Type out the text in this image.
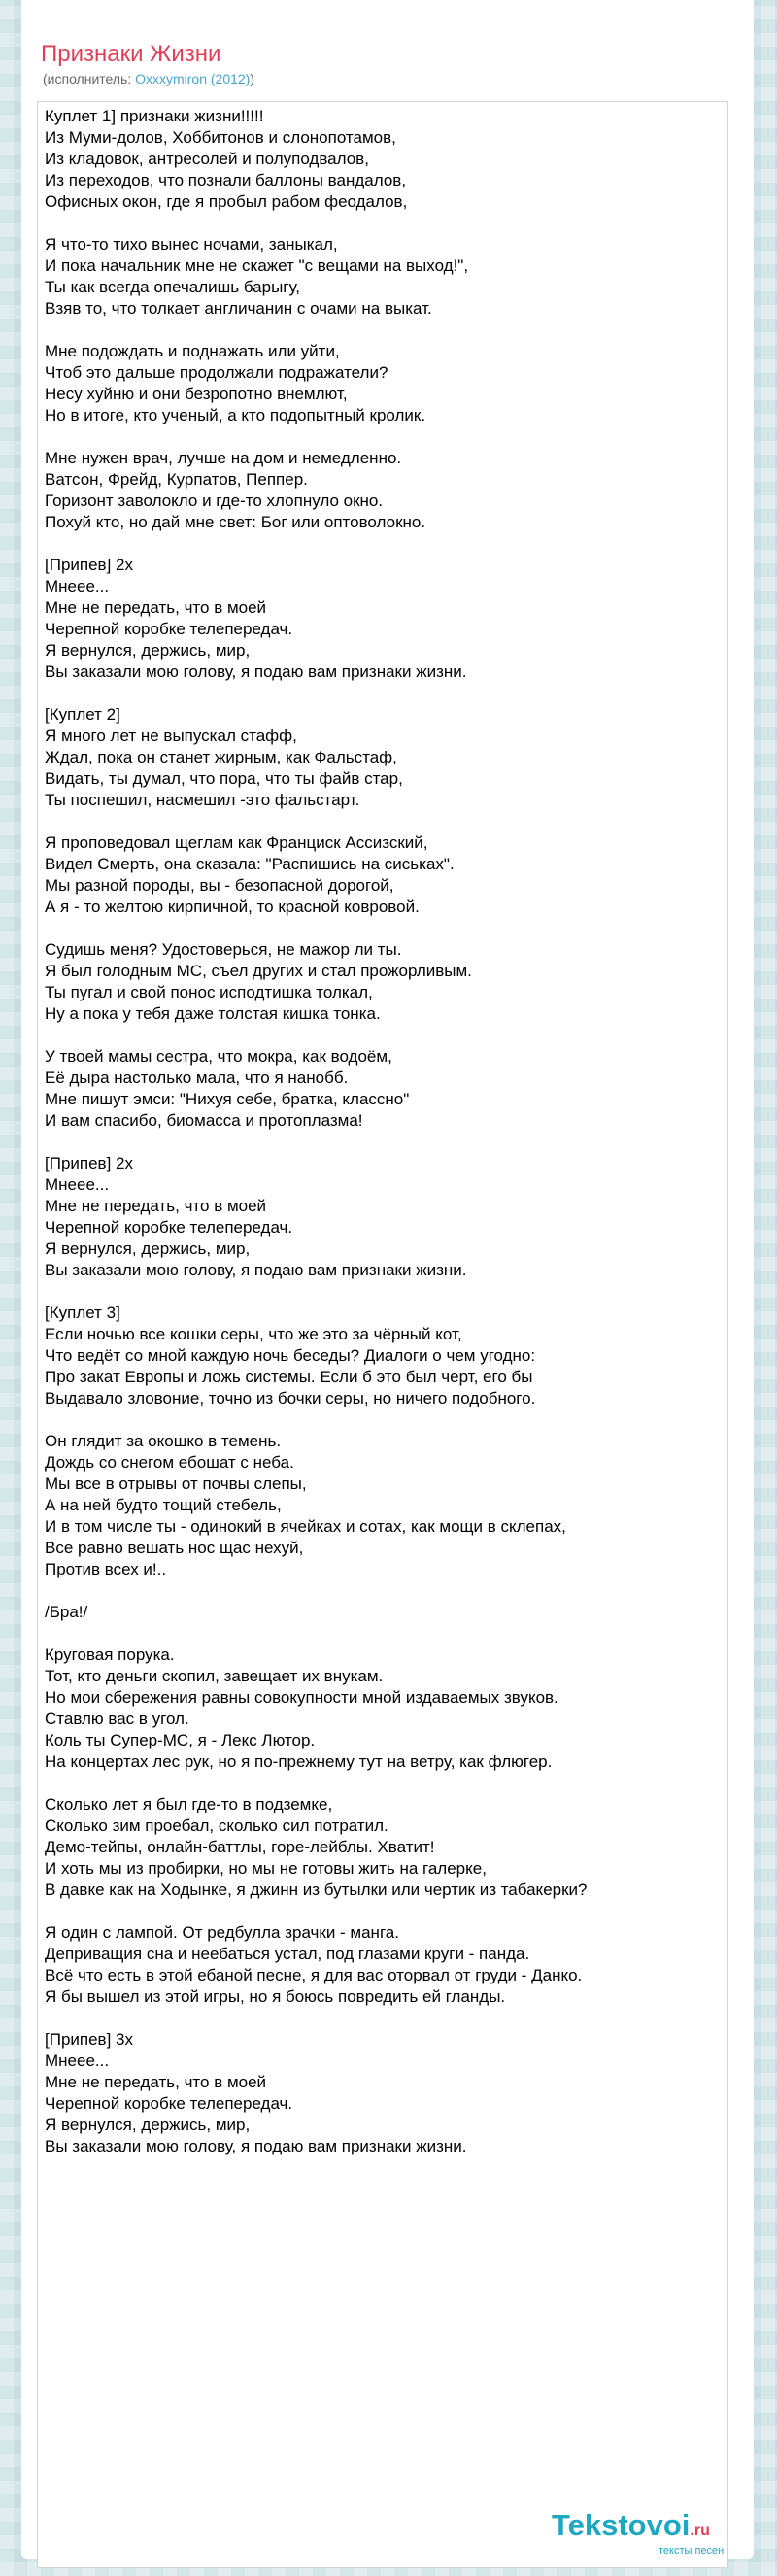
Признаки Жизни
(исполнитель: Oxxxymiron (2012))
Куплет 1] признаки жизни!!!!!
Из Муми-долов, Хоббитонов и слонопотамов,
Из кладовок, антресолей и полуподвалов,
Из переходов, что познали баллоны вандалов,
Офисных окон, где я пробыл рабом феодалов,
Я что-то тихо вынес ночами, заныкал,
И пока начальник мне не скажет "с вещами на выход!",
Ты как всегда опечалишь барыгу,
Взяв то, что толкает англичанин с очами на выкат.
Мне подождать и поднажать или уйти,
Чтоб это дальше продолжали подражатели?
Несу хуйню и они безропотно внемлют,
Но в итоге, кто ученый, а кто подопытный кролик.
Мне нужен врач, лучше на дом и немедленно.
Ватсон, Фрейд, Курпатов, Пеппер.
Горизонт заволокло и где-то хлопнуло окно.
Похуй кто, но дай мне свет: Бог или оптоволокно.
[Припев] 2x
Мнеее...
Мне не передать, что в моей
Черепной коробке телепередач.
Я вернулся, держись, мир,
Вы заказали мою голову, я подаю вам признаки жизни.
[Куплет 2]
Я много лет не выпускал стафф,
Ждал, пока он станет жирным, как Фальстаф,
Видать, ты думал, что пора, что ты файв стар,
Ты поспешил, насмешил -это фальстарт.
Я проповедовал щеглам как Франциск Ассизский,
Видел Смерть, она сказала: "Распишись на сиськах".
Мы разной породы, вы - безопасной дорогой,
А я - то желтою кирпичной, то красной ковровой.
Судишь меня? Удостоверься, не мажор ли ты.
Я был голодным МС, съел других и стал прожорливым.
Ты пугал и свой понос исподтишка толкал,
Ну а пока у тебя даже толстая кишка тонка.
У твоей мамы сестра, что мокра, как водоём,
Её дыра настолько мала, что я нанобб.
Мне пишут эмси: "Нихуя себе, братка, классно"
И вам спасибо, биомасса и протоплазма!
[Припев] 2x
Мнеее...
Мне не передать, что в моей
Черепной коробке телепередач.
Я вернулся, держись, мир,
Вы заказали мою голову, я подаю вам признаки жизни.
[Куплет 3]
Если ночью все кошки серы, что же это за чёрный кот,
Что ведёт со мной каждую ночь беседы? Диалоги о чем угодно:
Про закат Европы и ложь системы. Если б это был черт, его бы
Выдавало зловоние, точно из бочки серы, но ничего подобного.
Он глядит за окошко в темень.
Дождь со снегом ебошат с неба.
Мы все в отрывы от почвы слепы,
А на ней будто тощий стебель,
И в том числе ты - одинокий в ячейках и сотах, как мощи в склепах,
Все равно вешать нос щас нехуй,
Против всех и!..
/Бра!/
Круговая порука.
Тот, кто деньги скопил, завещает их внукам.
Но мои сбережения равны совокупности мной издаваемых звуков.
Ставлю вас в угол.
Коль ты Супер-МС, я - Лекс Лютор.
На концертах лес рук, но я по-прежнему тут на ветру, как флюгер.
Сколько лет я был где-то в подземке,
Сколько зим проебал, сколько сил потратил.
Демо-тейпы, онлайн-баттлы, горе-лейблы. Хватит!
И хоть мы из пробирки, но мы не готовы жить на галерке,
В давке как на Ходынке, я джинн из бутылки или чертик из табакерки?
Я один с лампой. От редбулла зрачки - манга.
Деприващия сна и неебаться устал, под глазами круги - панда.
Всё что есть в этой ебаной песне, я для вас оторвал от груди - Данко.
Я бы вышел из этой игры, но я боюсь повредить ей гланды.
[Припев] 3x
Мнеее...
Мне не передать, что в моей
Черепной коробке телепередач.
Я вернулся, держись, мир,
Вы заказали мою голову, я подаю вам признаки жизни.
Tekstovoi.ru
тексты песен
